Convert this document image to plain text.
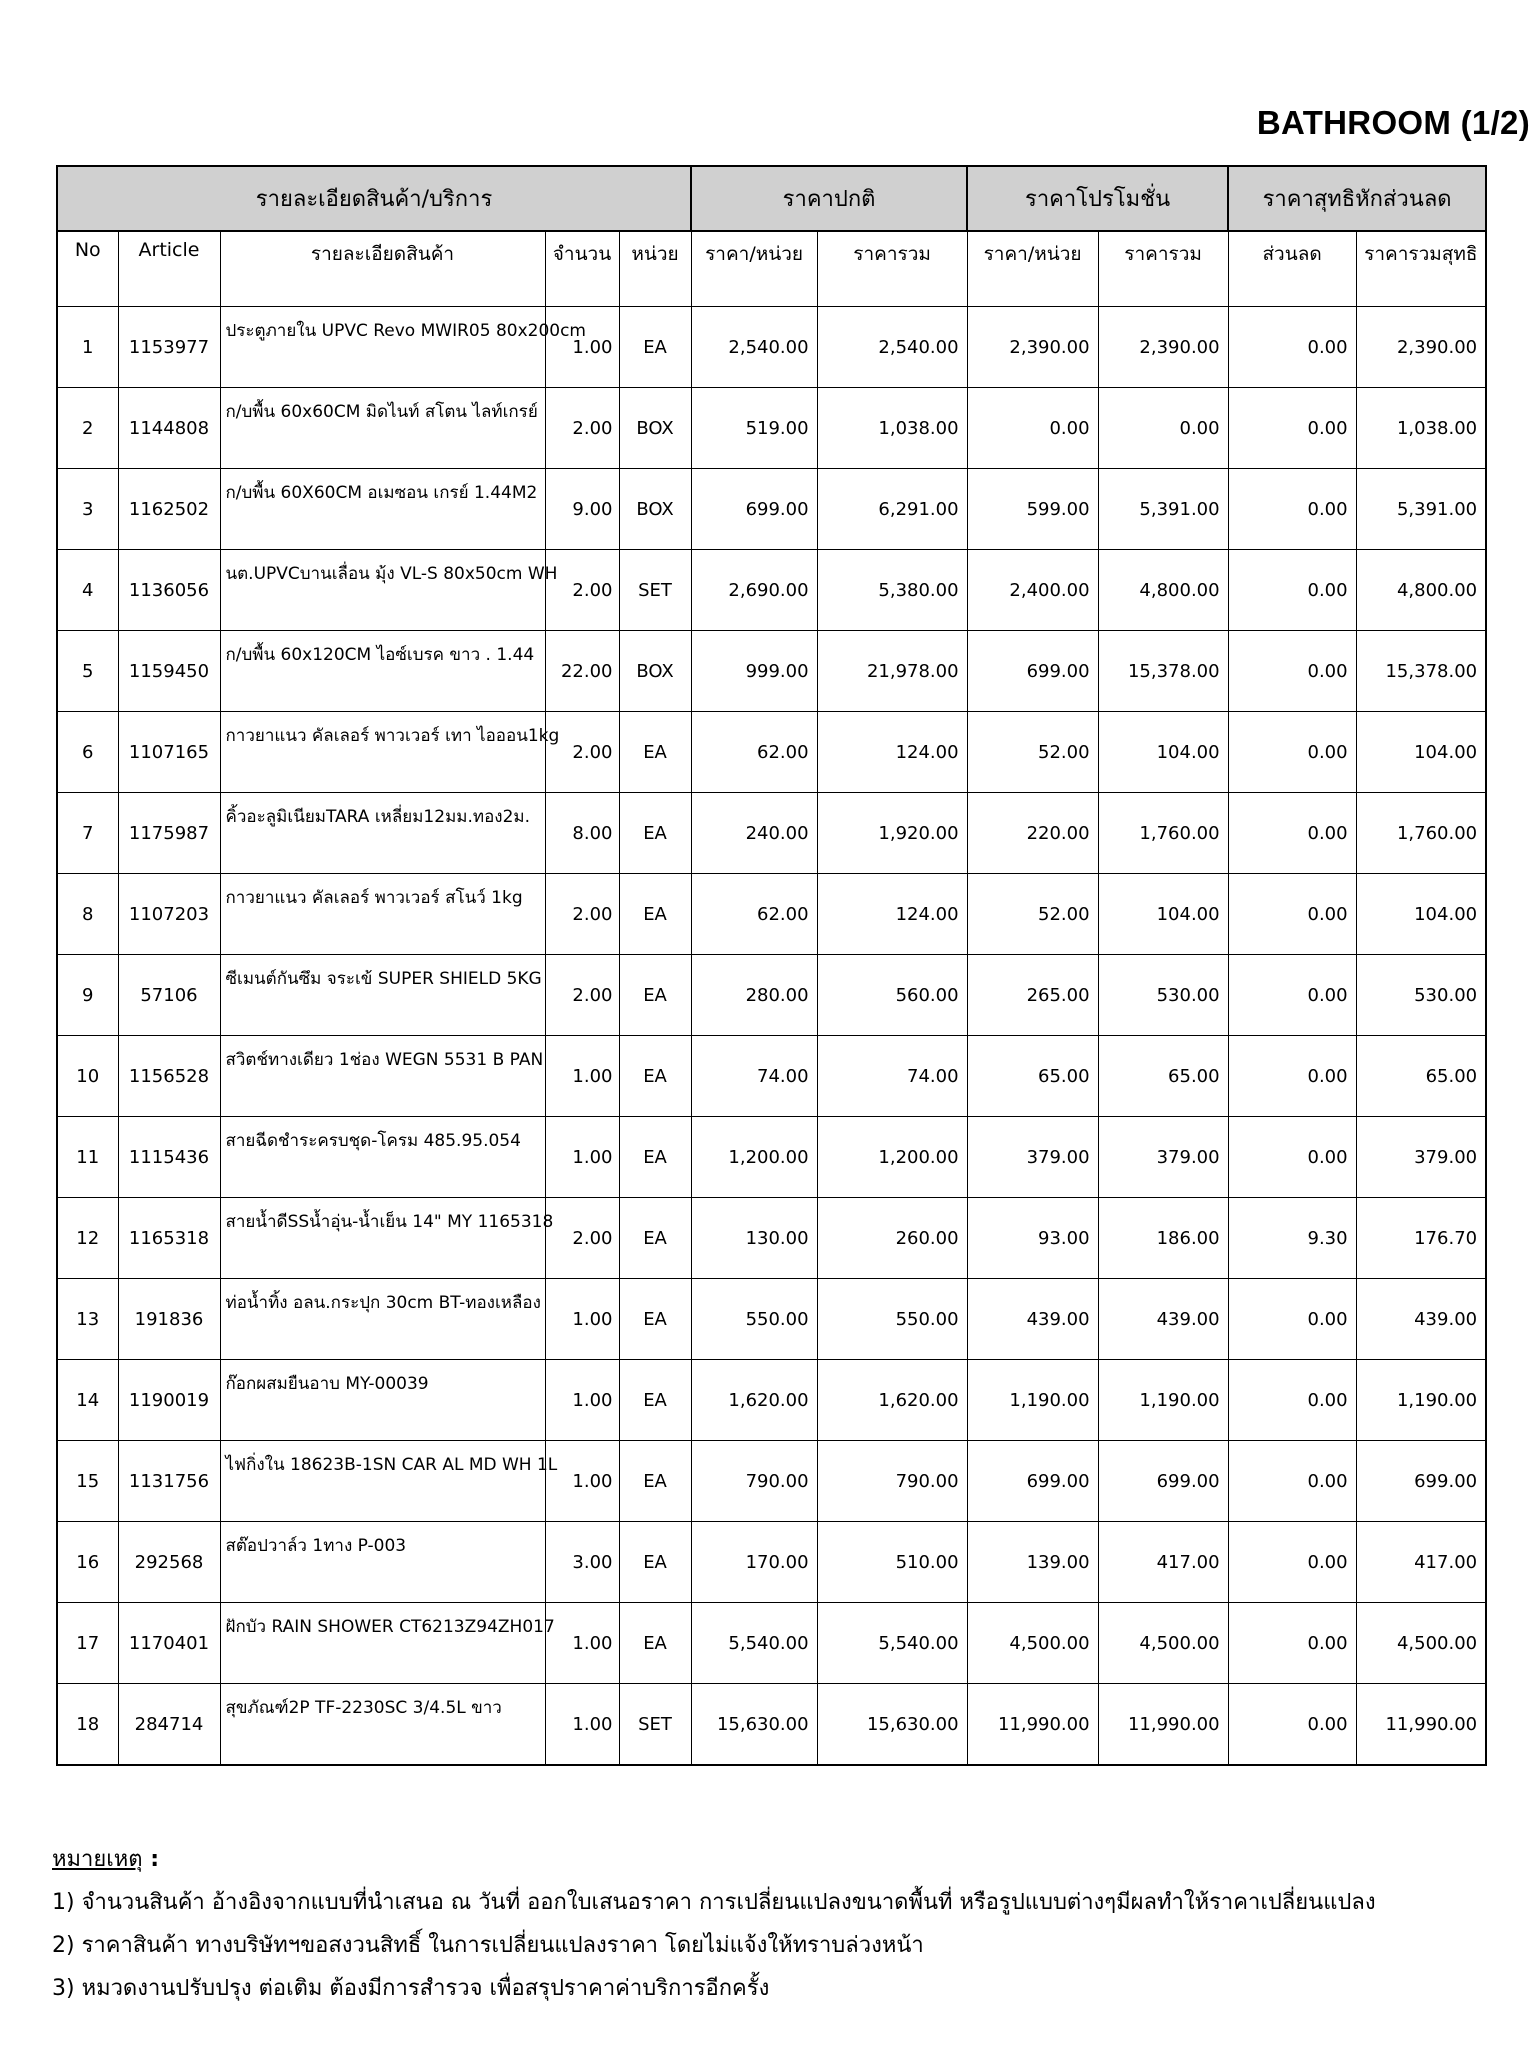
BATHROOM (1/2)
รายละเอียดสินค้า/บริการ					ราคาปกติ		ราคาโปรโมชั่น		ราคาสุทธิหักส่วนลด	
No	Article	รายละเอียดสินค้า	จำนวน	หน่วย	ราคา/หน่วย	ราคารวม	ราคา/หน่วย	ราคารวม	ส่วนลด	ราคารวมสุทธิ
1	1153977	ประตูภายใน UPVC Revo MWIR05 80x200cm	1.00	EA	2,540.00	2,540.00	2,390.00	2,390.00	0.00	2,390.00
2	1144808	ก/บพื้น 60x60CM มิดไนท์ สโตน ไลท์เกรย์	2.00	BOX	519.00	1,038.00	0.00	0.00	0.00	1,038.00
3	1162502	ก/บพื้น 60X60CM อเมซอน เกรย์ 1.44M2	9.00	BOX	699.00	6,291.00	599.00	5,391.00	0.00	5,391.00
4	1136056	นต.UPVCบานเลื่อน มุ้ง VL-S 80x50cm WH	2.00	SET	2,690.00	5,380.00	2,400.00	4,800.00	0.00	4,800.00
5	1159450	ก/บพื้น 60x120CM ไอซ์เบรค ขาว . 1.44	22.00	BOX	999.00	21,978.00	699.00	15,378.00	0.00	15,378.00
6	1107165	กาวยาแนว คัลเลอร์ พาวเวอร์ เทา ไอออน1kg	2.00	EA	62.00	124.00	52.00	104.00	0.00	104.00
7	1175987	คิ้วอะลูมิเนียมTARA เหลี่ยม12มม.ทอง2ม.	8.00	EA	240.00	1,920.00	220.00	1,760.00	0.00	1,760.00
8	1107203	กาวยาแนว คัลเลอร์ พาวเวอร์ สโนว์ 1kg	2.00	EA	62.00	124.00	52.00	104.00	0.00	104.00
9	57106	ซีเมนต์กันซึม จระเข้ SUPER SHIELD 5KG	2.00	EA	280.00	560.00	265.00	530.00	0.00	530.00
10	1156528	สวิตช์ทางเดียว 1ช่อง WEGN 5531 B PAN	1.00	EA	74.00	74.00	65.00	65.00	0.00	65.00
11	1115436	สายฉีดชำระครบชุด-โครม 485.95.054	1.00	EA	1,200.00	1,200.00	379.00	379.00	0.00	379.00
12	1165318	สายน้ำดีSSน้ำอุ่น-น้ำเย็น 14" MY 1165318	2.00	EA	130.00	260.00	93.00	186.00	9.30	176.70
13	191836	ท่อน้ำทิ้ง อลน.กระปุก 30cm BT-ทองเหลือง	1.00	EA	550.00	550.00	439.00	439.00	0.00	439.00
14	1190019	ก๊อกผสมยืนอาบ MY-00039	1.00	EA	1,620.00	1,620.00	1,190.00	1,190.00	0.00	1,190.00
15	1131756	ไฟกิ่งใน 18623B-1SN CAR AL MD WH 1L	1.00	EA	790.00	790.00	699.00	699.00	0.00	699.00
16	292568	สต๊อปวาล์ว 1ทาง P-003	3.00	EA	170.00	510.00	139.00	417.00	0.00	417.00
17	1170401	ฝักบัว RAIN SHOWER CT6213Z94ZH017	1.00	EA	5,540.00	5,540.00	4,500.00	4,500.00	0.00	4,500.00
18	284714	สุขภัณฑ์2P TF-2230SC 3/4.5L ขาว	1.00	SET	15,630.00	15,630.00	11,990.00	11,990.00	0.00	11,990.00
หมายเหตุ :
1) จำนวนสินค้า อ้างอิงจากแบบที่นำเสนอ ณ วันที่ ออกใบเสนอราคา การเปลี่ยนแปลงขนาดพื้นที่ หรือรูปแบบต่างๆมีผลทำให้ราคาเปลี่ยนแปลง
2) ราคาสินค้า ทางบริษัทฯขอสงวนสิทธิ์ ในการเปลี่ยนแปลงราคา โดยไม่แจ้งให้ทราบล่วงหน้า
3) หมวดงานปรับปรุง ต่อเติม ต้องมีการสำรวจ เพื่อสรุปราคาค่าบริการอีกครั้ง
